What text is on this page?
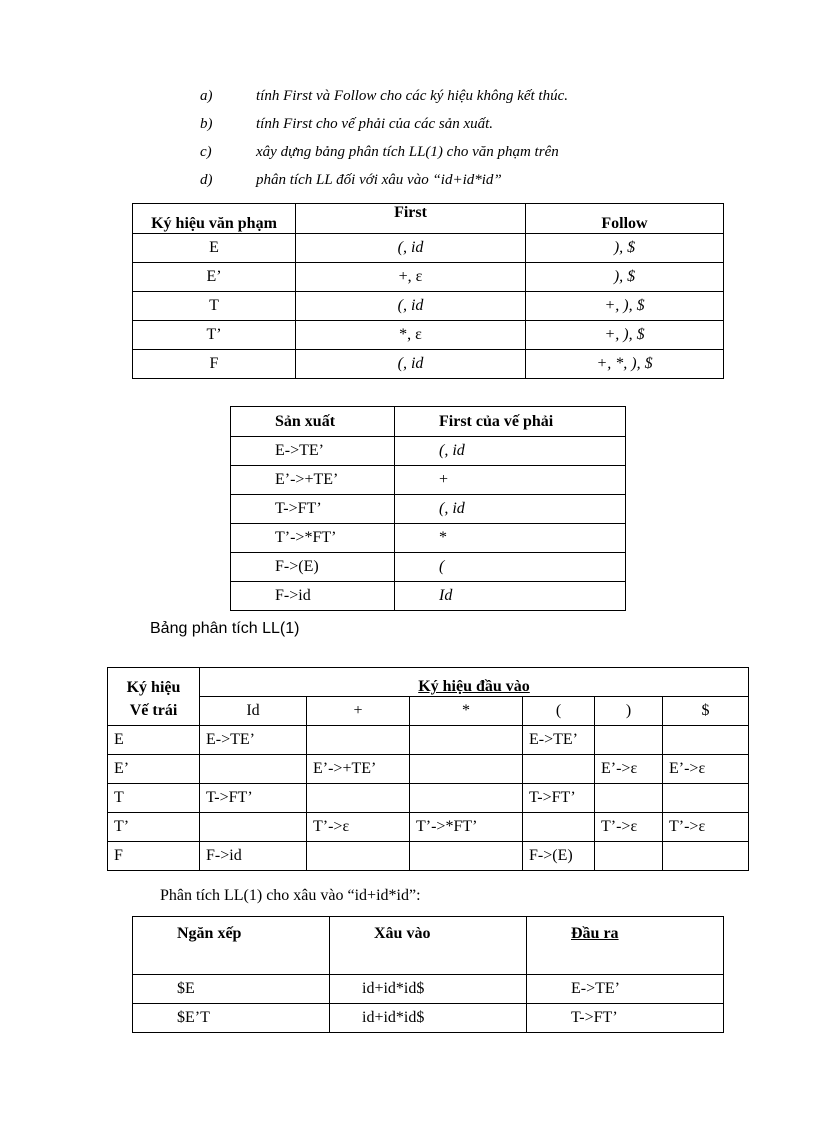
a)	tính First và Follow cho các ký hiệu không kết thúc.
b)	tính First cho vế phải của các sản xuất.
c)	xây dựng bảng phân tích LL(1) cho văn phạm trên
d)	phân tích LL đối với xâu vào “id+id*id”
Ký hiệu văn phạm	First	Follow
E	(, id	), $
E’	+, ε	), $
T	(, id	+, ), $
T’	*, ε	+, ), $
F	(, id	+, *, ), $
Sản xuất	First của vế phải
E->TE’	(, id
E’->+TE’	+
T->FT’	(, id
T’->*FT’	*
F->(E)	(
F->id	Id
Bảng phân tích LL(1)
Ký hiệu	Ký hiệu đầu vào					
Vế trái	Id	+	*	(	)	$
E	E->TE’			E->TE’		
E’		E’->+TE’			E’->ε	E’->ε
T	T->FT’			T->FT’		
T’		T’->ε	T’->*FT’		T’->ε	T’->ε
F	F->id			F->(E)		
Phân tích LL(1) cho xâu vào “id+id*id”:
Ngăn xếp	Xâu vào	Đầu ra
$E	id+id*id$	E->TE’
$E’T	id+id*id$	T->FT’
